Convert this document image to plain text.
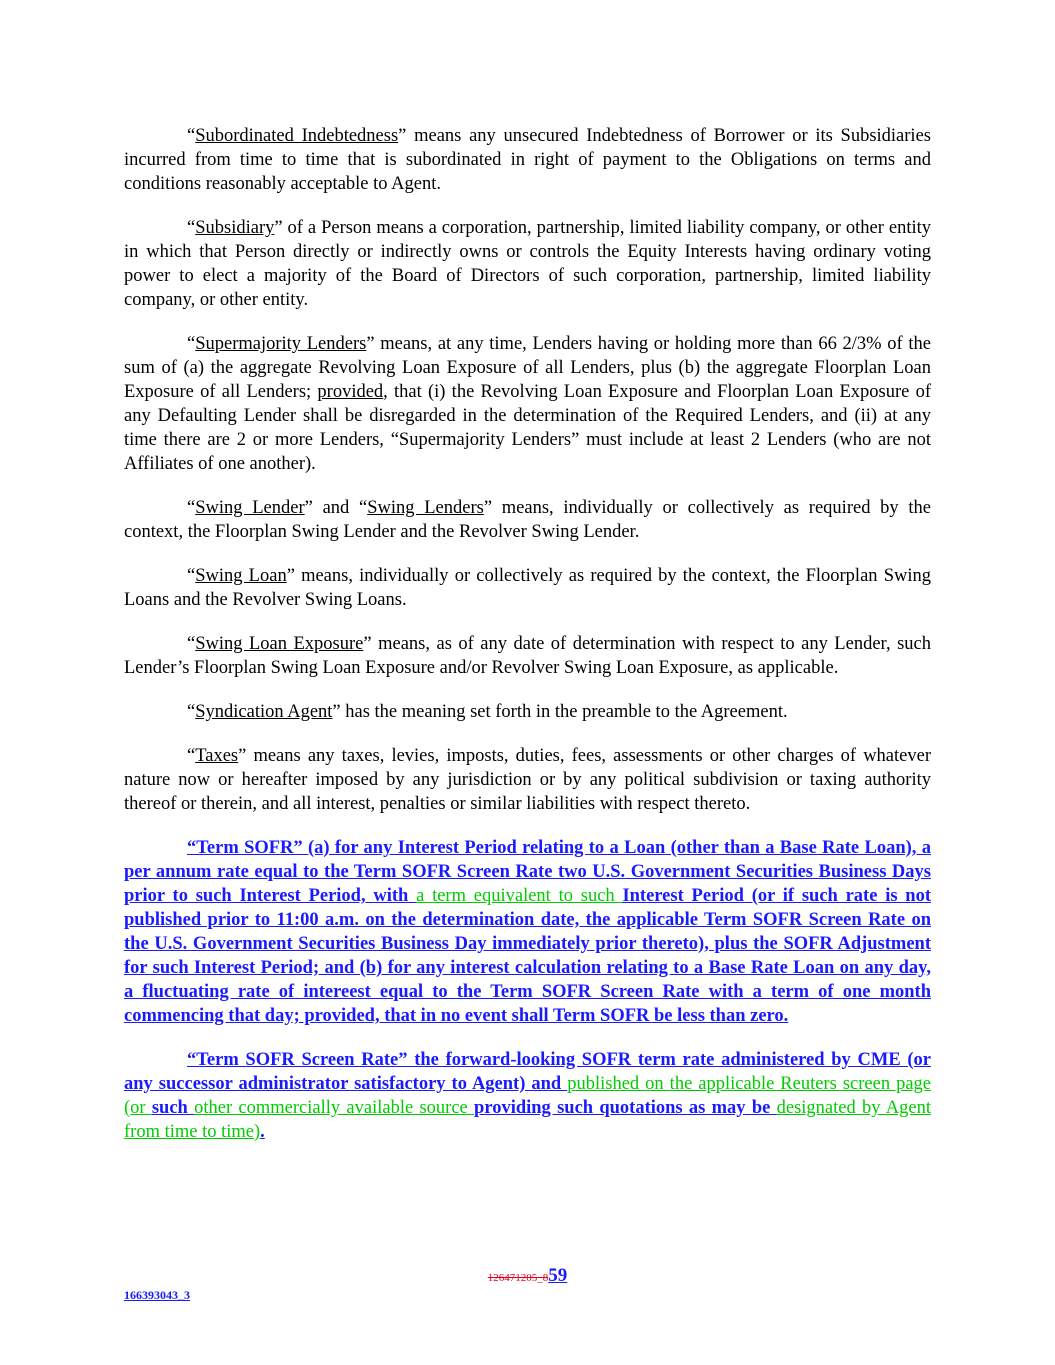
“Subordinated Indebtedness” means any unsecured Indebtedness of Borrower or its Subsidiaries incurred from time to time that is subordinated in right of payment to the Obligations on terms and conditions reasonably acceptable to Agent.

“Subsidiary” of a Person means a corporation, partnership, limited liability company, or other entity in which that Person directly or indirectly owns or controls the Equity Interests having ordinary voting power to elect a majority of the Board of Directors of such corporation, partnership, limited liability company, or other entity.

“Supermajority Lenders” means, at any time, Lenders having or holding more than 66 2/3% of the sum of (a) the aggregate Revolving Loan Exposure of all Lenders, plus (b) the aggregate Floorplan Loan Exposure of all Lenders; provided, that (i) the Revolving Loan Exposure and Floorplan Loan Exposure of any Defaulting Lender shall be disregarded in the determination of the Required Lenders, and (ii) at any time there are 2 or more Lenders, “Supermajority Lenders” must include at least 2 Lenders (who are not Affiliates of one another).

“Swing Lender” and “Swing Lenders” means, individually or collectively as required by the context, the Floorplan Swing Lender and the Revolver Swing Lender.

“Swing Loan” means, individually or collectively as required by the context, the Floorplan Swing Loans and the Revolver Swing Loans.

“Swing Loan Exposure” means, as of any date of determination with respect to any Lender, such Lender’s Floorplan Swing Loan Exposure and/or Revolver Swing Loan Exposure, as applicable.

“Syndication Agent” has the meaning set forth in the preamble to the Agreement.

“Taxes” means any taxes, levies, imposts, duties, fees, assessments or other charges of whatever nature now or hereafter imposed by any jurisdiction or by any political subdivision or taxing authority thereof or therein, and all interest, penalties or similar liabilities with respect thereto.

“Term SOFR” (a) for any Interest Period relating to a Loan (other than a Base Rate Loan), a per annum rate equal to the Term SOFR Screen Rate two U.S. Government Securities Business Days prior to such Interest Period, with a term equivalent to such Interest Period (or if such rate is not published prior to 11:00 a.m. on the determination date, the applicable Term SOFR Screen Rate on the U.S. Government Securities Business Day immediately prior thereto), plus the SOFR Adjustment for such Interest Period; and (b) for any interest calculation relating to a Base Rate Loan on any day, a fluctuating rate of intereest equal to the Term SOFR Screen Rate with a term of one month commencing that day; provided, that in no event shall Term SOFR be less than zero.

“Term SOFR Screen Rate” the forward-looking SOFR term rate administered by CME (or any successor administrator satisfactory to Agent) and published on the applicable Reuters screen page (or such other commercially available source providing such quotations as may be designated by Agent from time to time).

126471205_859
166393043_3
